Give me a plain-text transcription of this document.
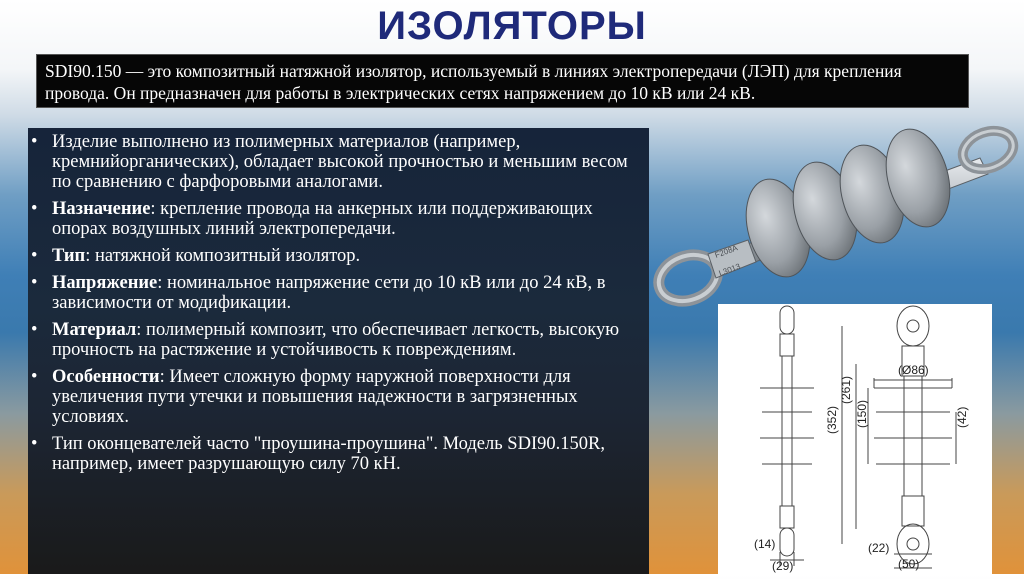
ИЗОЛЯТОРЫ
SDI90.150 — это композитный натяжной изолятор, используемый в линиях электропередачи (ЛЭП) для крепления провода. Он предназначен для работы в электрических сетях напряжением до 10 кВ или 24 кВ.
• Изделие выполнено из полимерных материалов (например, кремнийорганических), обладает высокой прочностью и меньшим весом по сравнению с фарфоровыми аналогами.
• Назначение: крепление провода на анкерных или поддерживающих опорах воздушных линий электропередачи.
• Тип: натяжной композитный изолятор.
• Напряжение: номинальное напряжение сети до 10 кВ или до 24 кВ, в зависимости от модификации.
• Материал: полимерный композит, что обеспечивает легкость, высокую прочность на растяжение и устойчивость к повреждениям.
• Особенности: Имеет сложную форму наружной поверхности для увеличения пути утечки и повышения надежности в загрязненных условиях.
• Тип оконцевателей часто "проушина-проушина". Модель SDI90.150R, например, имеет разрушающую силу 70 кН.
F208A
L3013
(Ø86)
(352)
(261)
(150)	(42)
(14)
(29)
(22)
(50)
